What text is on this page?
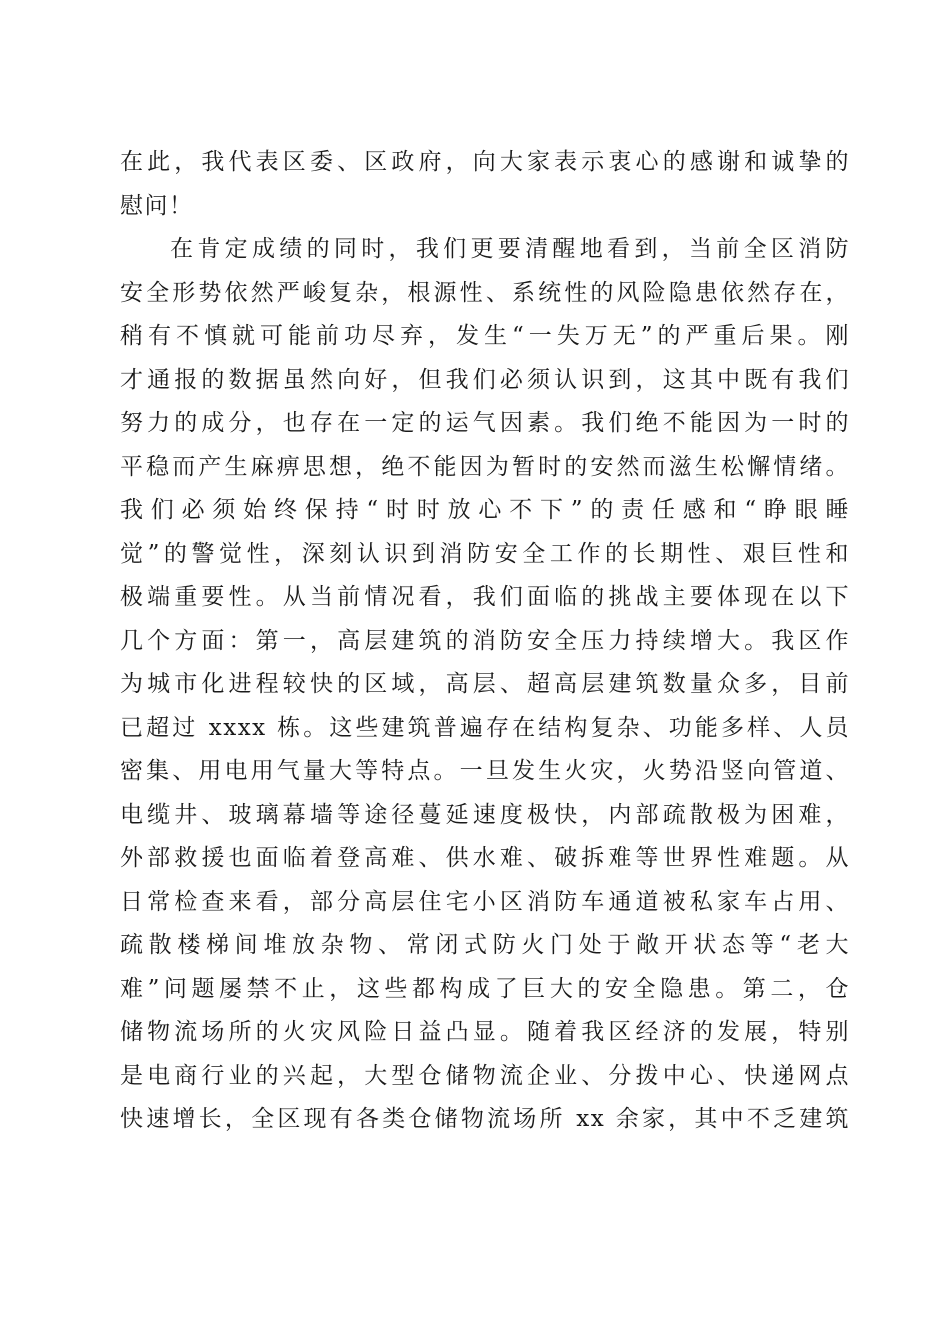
在此，我代表区委、区政府，向大家表示衷心的感谢和诚挚的
慰问！
在肯定成绩的同时，我们更要清醒地看到，当前全区消防
安全形势依然严峻复杂，根源性、系统性的风险隐患依然存在，
稍有不慎就可能前功尽弃，发生“一失万无”的严重后果。刚
才通报的数据虽然向好，但我们必须认识到，这其中既有我们
努力的成分，也存在一定的运气因素。我们绝不能因为一时的
平稳而产生麻痹思想，绝不能因为暂时的安然而滋生松懈情绪。
我们必须始终保持“时时放心不下”的责任感和“睁眼睡
觉”的警觉性，深刻认识到消防安全工作的长期性、艰巨性和
极端重要性。从当前情况看，我们面临的挑战主要体现在以下
几个方面：第一，高层建筑的消防安全压力持续增大。我区作
为城市化进程较快的区域，高层、超高层建筑数量众多，目前
已超过 xxxx 栋。这些建筑普遍存在结构复杂、功能多样、人员
密集、用电用气量大等特点。一旦发生火灾，火势沿竖向管道、
电缆井、玻璃幕墙等途径蔓延速度极快，内部疏散极为困难，
外部救援也面临着登高难、供水难、破拆难等世界性难题。从
日常检查来看，部分高层住宅小区消防车通道被私家车占用、
疏散楼梯间堆放杂物、常闭式防火门处于敞开状态等“老大
难”问题屡禁不止，这些都构成了巨大的安全隐患。第二，仓
储物流场所的火灾风险日益凸显。随着我区经济的发展，特别
是电商行业的兴起，大型仓储物流企业、分拨中心、快递网点
快速增长，全区现有各类仓储物流场所 xx 余家，其中不乏建筑
